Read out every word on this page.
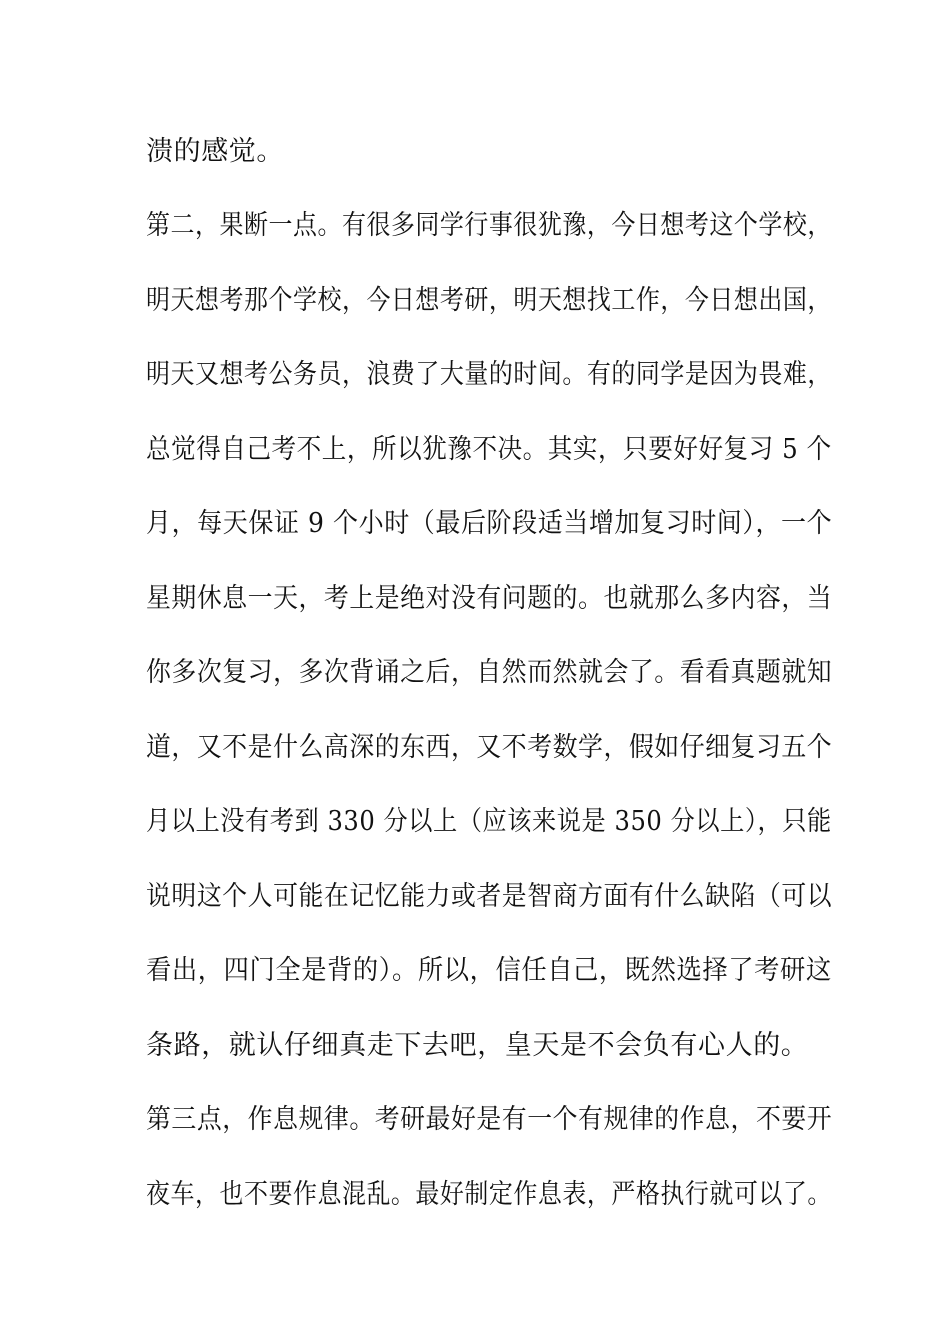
溃的感觉。
第二，果断一点。有很多同学行事很犹豫，今日想考这个学校，
明天想考那个学校，今日想考研，明天想找工作，今日想出国，
明天又想考公务员，浪费了大量的时间。有的同学是因为畏难，
总觉得自己考不上，所以犹豫不决。其实，只要好好复习 5 个
月，每天保证 9 个小时（最后阶段适当增加复习时间），一个
星期休息一天，考上是绝对没有问题的。也就那么多内容，当
你多次复习，多次背诵之后，自然而然就会了。看看真题就知
道，又不是什么高深的东西，又不考数学，假如仔细复习五个
月以上没有考到 330 分以上（应该来说是 350 分以上），只能
说明这个人可能在记忆能力或者是智商方面有什么缺陷（可以
看出，四门全是背的）。所以，信任自己，既然选择了考研这
条路，就认仔细真走下去吧，皇天是不会负有心人的。
第三点，作息规律。考研最好是有一个有规律的作息，不要开
夜车，也不要作息混乱。最好制定作息表，严格执行就可以了。
